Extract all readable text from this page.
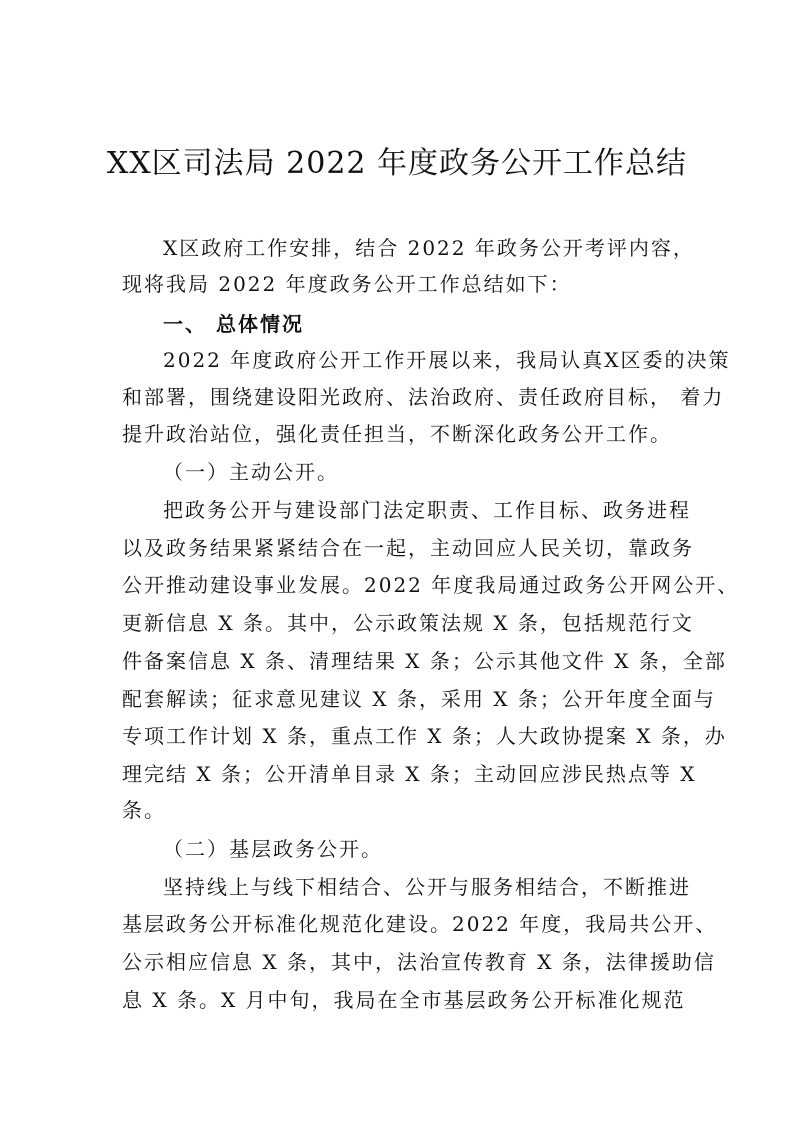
XX区司法局 2022 年度政务公开工作总结
X区政府工作安排，结合 2022 年政务公开考评内容，
现将我局 2022 年度政务公开工作总结如下：
一、 总体情况
2022 年度政府公开工作开展以来，我局认真X区委的决策
和部署，围绕建设阳光政府、法治政府、责任政府目标， 着力
提升政治站位，强化责任担当，不断深化政务公开工作。
（一）主动公开。
把政务公开与建设部门法定职责、工作目标、政务进程
以及政务结果紧紧结合在一起，主动回应人民关切，靠政务
公开推动建设事业发展。2022 年度我局通过政务公开网公开、
更新信息 X 条。其中，公示政策法规 X 条，包括规范行文
件备案信息 X 条、清理结果 X 条；公示其他文件 X 条，全部
配套解读；征求意见建议 X 条，采用 X 条；公开年度全面与
专项工作计划 X 条，重点工作 X 条；人大政协提案 X 条，办
理完结 X 条；公开清单目录 X 条；主动回应涉民热点等 X
条。
（二）基层政务公开。
坚持线上与线下相结合、公开与服务相结合，不断推进
基层政务公开标准化规范化建设。2022 年度，我局共公开、
公示相应信息 X 条，其中，法治宣传教育 X 条，法律援助信
息 X 条。X 月中旬，我局在全市基层政务公开标准化规范
